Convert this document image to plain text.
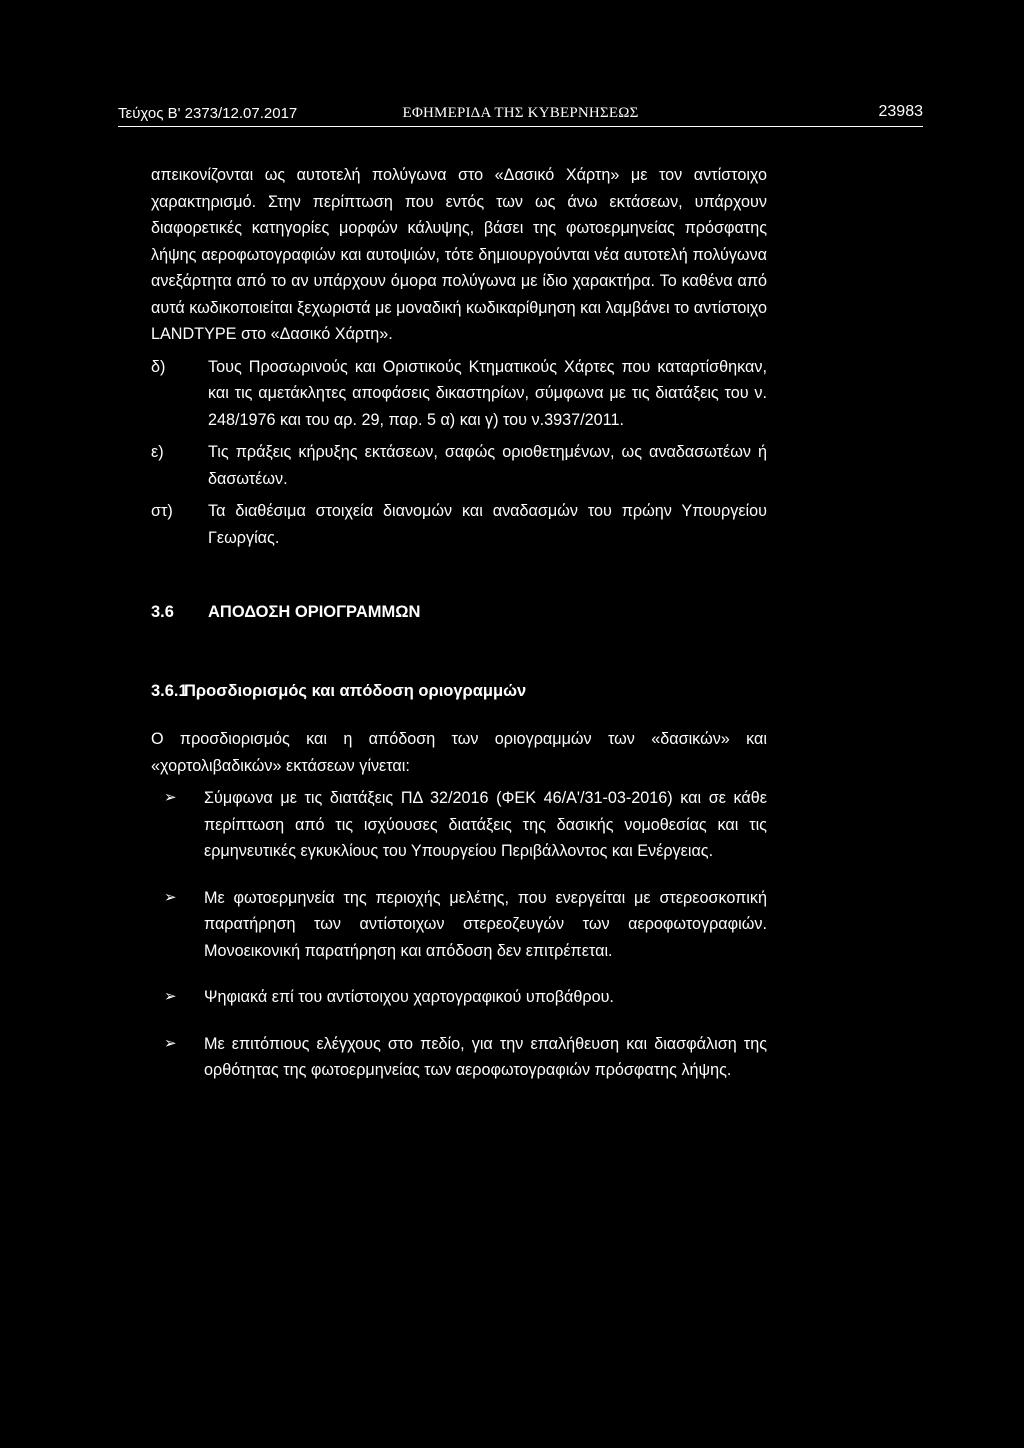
Τεύχος Β' 2373/12.07.2017	ΕΦΗΜΕΡΙΔΑ ΤΗΣ ΚΥΒΕΡΝΗΣΕΩΣ	23983

απεικονίζονται ως αυτοτελή πολύγωνα στο «Δασικό Χάρτη» με τον αντίστοιχο χαρακτηρισμό. Στην περίπτωση που εντός των ως άνω εκτάσεων, υπάρχουν διαφορετικές κατηγορίες μορφών κάλυψης, βάσει της φωτοερμηνείας πρόσφατης λήψης αεροφωτογραφιών και αυτοψιών, τότε δημιουργούνται νέα αυτοτελή πολύγωνα ανεξάρτητα από το αν υπάρχουν όμορα πολύγωνα με ίδιο χαρακτήρα. Το καθένα από αυτά κωδικοποιείται ξεχωριστά με μοναδική κωδικαρίθμηση και λαμβάνει το αντίστοιχο LANDTYPE στο «Δασικό Χάρτη».

δ)	Τους Προσωρινούς και Οριστικούς Κτηματικούς Χάρτες που καταρτίσθηκαν, και τις αμετάκλητες αποφάσεις δικαστηρίων, σύμφωνα με τις διατάξεις του ν. 248/1976 και του αρ. 29, παρ. 5 α) και γ) του ν.3937/2011.
ε)	Τις πράξεις κήρυξης εκτάσεων, σαφώς οριοθετημένων, ως αναδασωτέων ή δασωτέων.
στ)	Τα διαθέσιμα στοιχεία διανομών και αναδασμών του πρώην Υπουργείου Γεωργίας.
3.6	ΑΠΟΔΟΣΗ ΟΡΙΟΓΡΑΜΜΩΝ
3.6.1
Προσδιορισμός και απόδοση οριογραμμών

Ο προσδιορισμός και η απόδοση των οριογραμμών των «δασικών» και «χορτολιβαδικών» εκτάσεων γίνεται:

➢	Σύμφωνα με τις διατάξεις ΠΔ 32/2016 (ΦΕΚ 46/Α'/31-03-2016) και σε κάθε περίπτωση από τις ισχύουσες διατάξεις της δασικής νομοθεσίας και τις ερμηνευτικές εγκυκλίους του Υπουργείου Περιβάλλοντος και Ενέργειας.
➢	Με φωτοερμηνεία της περιοχής μελέτης, που ενεργείται με στερεοσκοπική παρατήρηση των αντίστοιχων στερεοζευγών των αεροφωτογραφιών. Μονοεικονική παρατήρηση και απόδοση δεν επιτρέπεται.
➢	Ψηφιακά επί του αντίστοιχου χαρτογραφικού υποβάθρου.
➢	Με επιτόπιους ελέγχους στο πεδίο, για την επαλήθευση και διασφάλιση της ορθότητας της φωτοερμηνείας των αεροφωτογραφιών πρόσφατης λήψης.
